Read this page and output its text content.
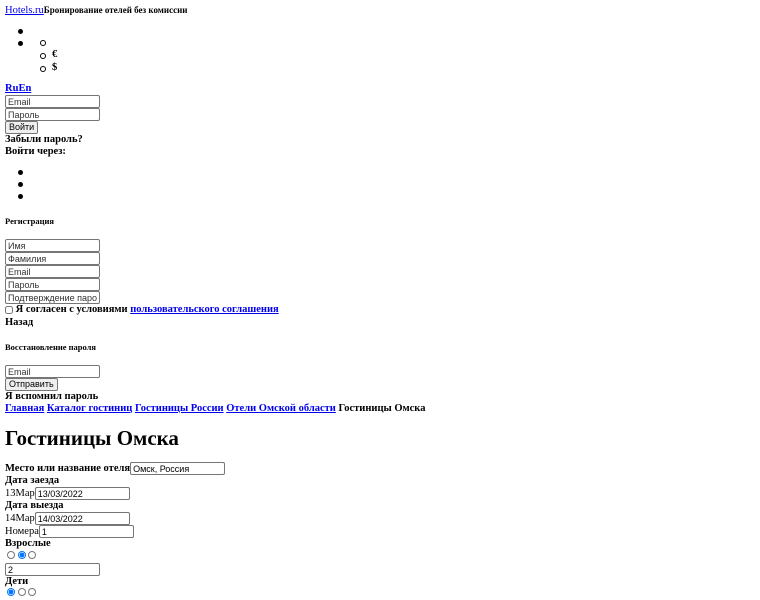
Hotels.ruБронирование отелей без комиссии
€
$
RuEn
Email
Войти
Забыли пароль?
Войти через:
Регистрация
Имя
Фамилия
Email
Я согласен с условиями пользовательского соглашения
Назад
Восстановление пароля
Email
Отправить
Я вспомнил пароль
Главная Каталог гостиниц Гостиницы России Отели Омской области Гостиницы Омска
Гостиницы Омска
Место или название отеляОмск, Россия
Дата заезда
13Мар13/03/2022
Дата выезда
14Мар14/03/2022
Номера1
Взрослые

2
Дети
